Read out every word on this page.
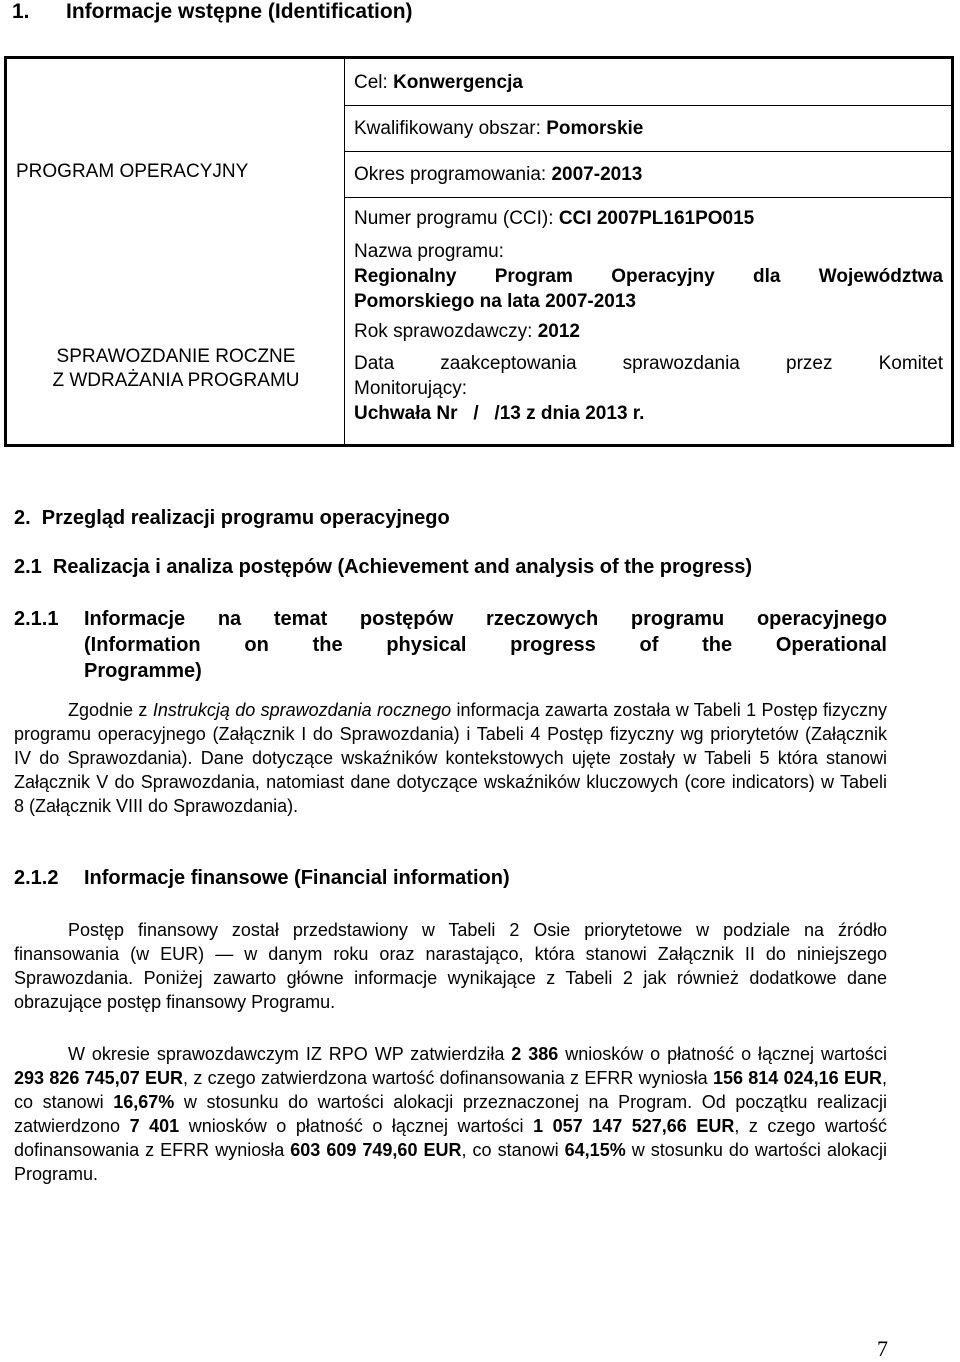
1. Informacje wstępne (Identification)
PROGRAM OPERACYJNY
SPRAWOZDANIE ROCZNE
Z WDRAŻANIA PROGRAMU
Cel: Konwergencja
Kwalifikowany obszar: Pomorskie
Okres programowania: 2007-2013
Numer programu (CCI): CCI 2007PL161PO015
Nazwa programu:
Regionalny Program Operacyjny dla Województwa
Pomorskiego na lata 2007-2013
Rok sprawozdawczy: 2012
Data zaakceptowania sprawozdania przez Komitet
Monitorujący:
Uchwała Nr   /   /13 z dnia 2013 r.
2.  Przegląd realizacji programu operacyjnego
2.1  Realizacja i analiza postępów (Achievement and analysis of the progress)
2.1.1 Informacje na temat postępów rzeczowych programu operacyjnego
(Information on the physical progress of the Operational
Programme)
Zgodnie z Instrukcją do sprawozdania rocznego informacja zawarta została w Tabeli 1 Postęp fizyczny programu operacyjnego (Załącznik I do Sprawozdania) i Tabeli 4 Postęp fizyczny wg priorytetów (Załącznik IV do Sprawozdania). Dane dotyczące wskaźników kontekstowych ujęte zostały w Tabeli 5 która stanowi Załącznik V do Sprawozdania, natomiast dane dotyczące wskaźników kluczowych (core indicators) w Tabeli 8 (Załącznik VIII do Sprawozdania).
2.1.2 Informacje finansowe (Financial information)
Postęp finansowy został przedstawiony w Tabeli 2 Osie priorytetowe w podziale na źródło finansowania (w EUR) — w danym roku oraz narastająco, która stanowi Załącznik II do niniejszego Sprawozdania. Poniżej zawarto główne informacje wynikające z Tabeli 2 jak również dodatkowe dane obrazujące postęp finansowy Programu.
W okresie sprawozdawczym IZ RPO WP zatwierdziła 2 386 wniosków o płatność o łącznej wartości 293 826 745,07 EUR, z czego zatwierdzona wartość dofinansowania z EFRR wyniosła 156 814 024,16 EUR, co stanowi 16,67% w stosunku do wartości alokacji przeznaczonej na Program. Od początku realizacji zatwierdzono 7 401 wniosków o płatność o łącznej wartości 1 057 147 527,66 EUR, z czego wartość dofinansowania z EFRR wyniosła 603 609 749,60 EUR, co stanowi 64,15% w stosunku do wartości alokacji Programu.
7
